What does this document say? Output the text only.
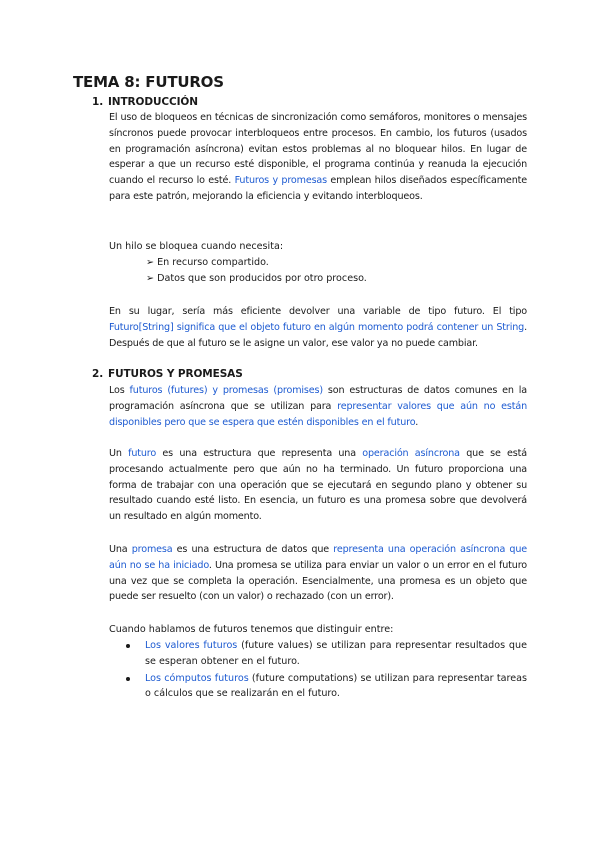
TEMA 8: FUTUROS
1. INTRODUCCIÓN
El uso de bloqueos en técnicas de sincronización como semáforos, monitores o mensajes síncronos puede provocar interbloqueos entre procesos. En cambio, los futuros (usados en programación asíncrona) evitan estos problemas al no bloquear hilos. En lugar de esperar a que un recurso esté disponible, el programa continúa y reanuda la ejecución cuando el recurso lo esté. Futuros y promesas emplean hilos diseñados específicamente para este patrón, mejorando la eficiencia y evitando interbloqueos.
Un hilo se bloquea cuando necesita:
➢ En recurso compartido.
➢ Datos que son producidos por otro proceso.
En su lugar, sería más eficiente devolver una variable de tipo futuro. El tipo Futuro[String] significa que el objeto futuro en algún momento podrá contener un String. Después de que al futuro se le asigne un valor, ese valor ya no puede cambiar.
2. FUTUROS Y PROMESAS
Los futuros (futures) y promesas (promises) son estructuras de datos comunes en la programación asíncrona que se utilizan para representar valores que aún no están disponibles pero que se espera que estén disponibles en el futuro.
Un futuro es una estructura que representa una operación asíncrona que se está procesando actualmente pero que aún no ha terminado. Un futuro proporciona una forma de trabajar con una operación que se ejecutará en segundo plano y obtener su resultado cuando esté listo. En esencia, un futuro es una promesa sobre que devolverá un resultado en algún momento.
Una promesa es una estructura de datos que representa una operación asíncrona que aún no se ha iniciado. Una promesa se utiliza para enviar un valor o un error en el futuro una vez que se completa la operación. Esencialmente, una promesa es un objeto que puede ser resuelto (con un valor) o rechazado (con un error).
Cuando hablamos de futuros tenemos que distinguir entre:
Los valores futuros (future values) se utilizan para representar resultados que se esperan obtener en el futuro.
Los cómputos futuros (future computations) se utilizan para representar tareas o cálculos que se realizarán en el futuro.
